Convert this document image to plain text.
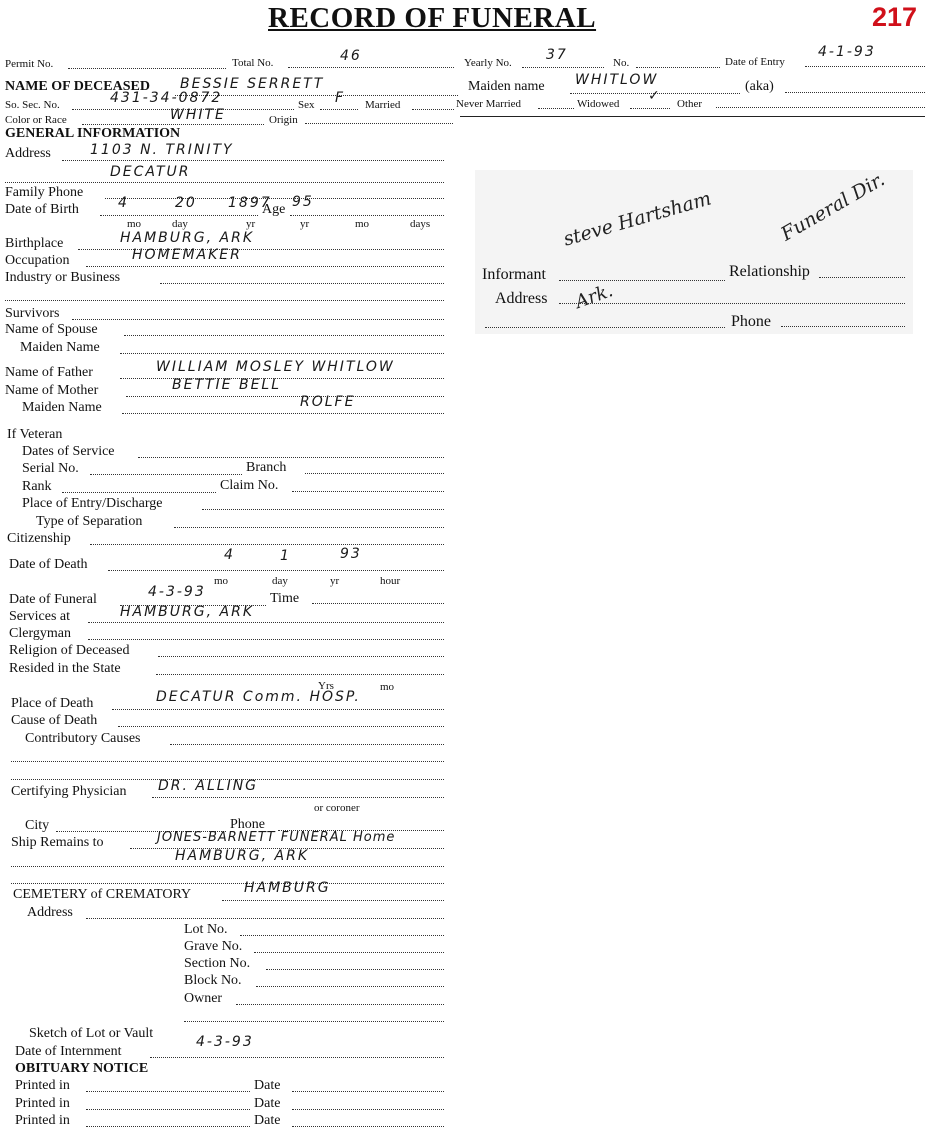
RECORD OF FUNERAL	217
Permit No.	Total No.	46	Yearly No. 37	No.	Date of Entry
4-1-93
NAME OF DECEASED BESSIE SERRETT	Maiden name WHITLOW	(aka)
So. Sec. No.	431-34-0872	Sex F Married	Never Married	Widowed ✓ Other
Color or Race	WHITE	Origin
GENERAL INFORMATION
Address	1103 N. TRINITY
DECATUR
Family Phone
Date of Birth	4	20 1897
Age 95
mo	day	yr	yr	mo	days
Birthplace	HAMBURG, ARK
Occupation	HOMEMAKER
Industry or Business
Survivors
Name of Spouse
Maiden Name
Name of Father	WILLIAM MOSLEY WHITLOW
Name of Mother	BETTIE BELL
Maiden Name	ROLFE
If Veteran
Dates of Service
Serial No.	Branch
Rank	Claim No.
Place of Entry/Discharge
Type of Separation
Citizenship
Date of Death
4	1	93
mo	day	yr	hour
Date of Funeral	4-3-93	Time
Services at	HAMBURG, ARK
Clergyman
Religion of Deceased
Resided in the State
Yrs	mo
Place of Death	DECATUR Comm. HOSP.
Cause of Death
Contributory Causes
Certifying Physician DR. ALLING
or coroner
City	Phone
Ship Remains to	JONES-BARNETT FUNERAL Home
HAMBURG, ARK
CEMETERY of CREMATORY	HAMBURG
Address
Lot No.
Grave No.
Section No.
Block No.
Owner
Sketch of Lot or Vault
Date of Internment
4-3-93
OBITUARY NOTICE
Printed in	Date
Printed in	Date
Printed in	Date
steve Hartsham	Funeral Dir.
Informant	Relationship
Address Ark.
Phone
